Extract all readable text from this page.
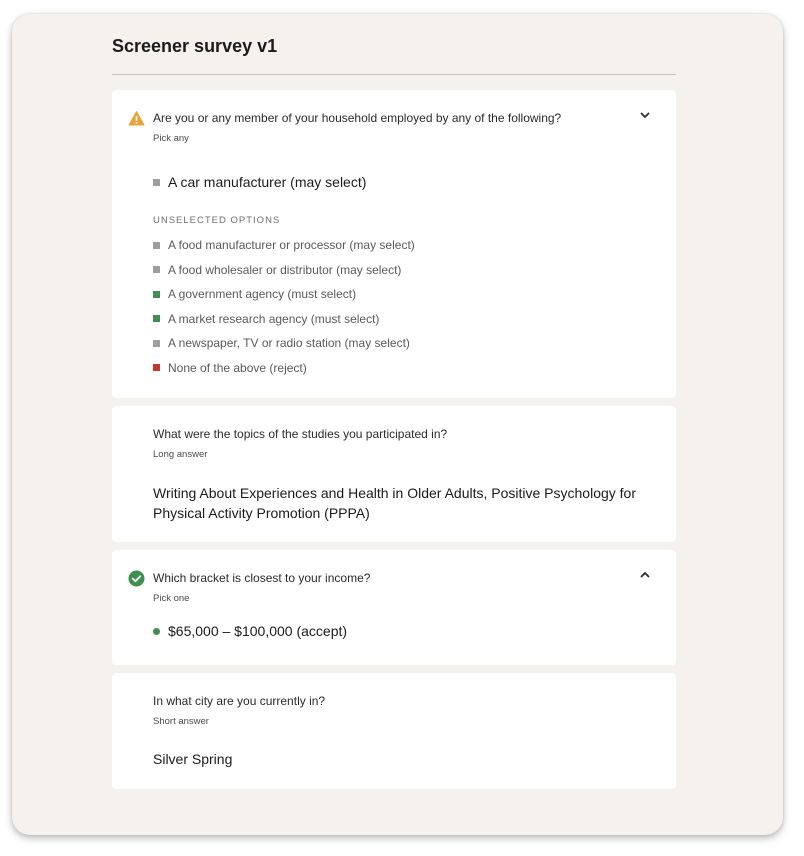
Screener survey v1

Are you or any member of your household employed by any of the following?

Pick any
A car manufacturer (may select)
UNSELECTED OPTIONS
A food manufacturer or processor (may select)
A food wholesaler or distributor (may select)
A government agency (must select)
A market research agency (must select)
A newspaper, TV or radio station (may select)
None of the above (reject)

What were the topics of the studies you participated in?

Long answer
Writing About Experiences and Health in Older Adults, Positive Psychology for Physical Activity Promotion (PPPA)

Which bracket is closest to your income?

Pick one
$65,000 – $100,000 (accept)

In what city are you currently in?

Short answer
Silver Spring
